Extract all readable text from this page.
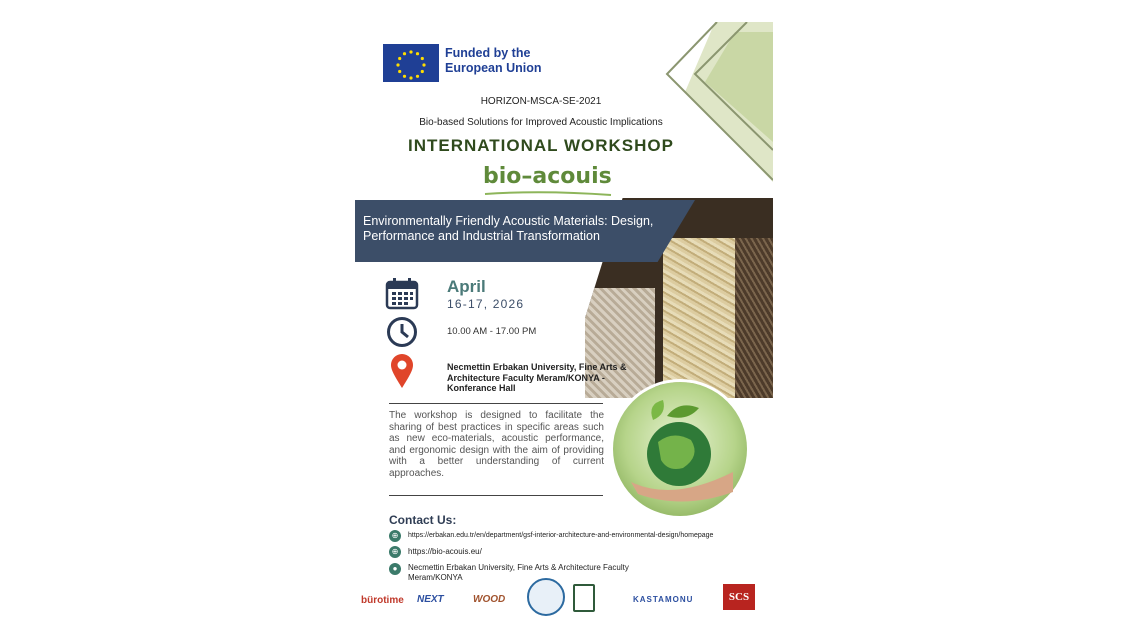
Funded by the European Union
HORIZON-MSCA-SE-2021
Bio-based Solutions for Improved Acoustic Implications
INTERNATIONAL WORKSHOP
bio–acouis
Environmentally Friendly Acoustic Materials: Design, Performance and Industrial Transformation
April
16-17, 2026
10.00 AM - 17.00 PM
Necmettin Erbakan University, Fine Arts & Architecture Faculty Meram/KONYA - Konferance Hall
The workshop is designed to facilitate the sharing of best practices in specific areas such as new eco-materials, acoustic performance, and ergonomic design with the aim of providing with a better understanding of current approaches.
Contact Us:
⊕	https://erbakan.edu.tr/en/department/gsf-interior-architecture-and-environmental-design/homepage
⊕	https://bio-acouis.eu/
●	Necmettin Erbakan University, Fine Arts & Architecture Faculty Meram/KONYA
bürotime NEXT	WOOD	KASTAMONU	SCS
